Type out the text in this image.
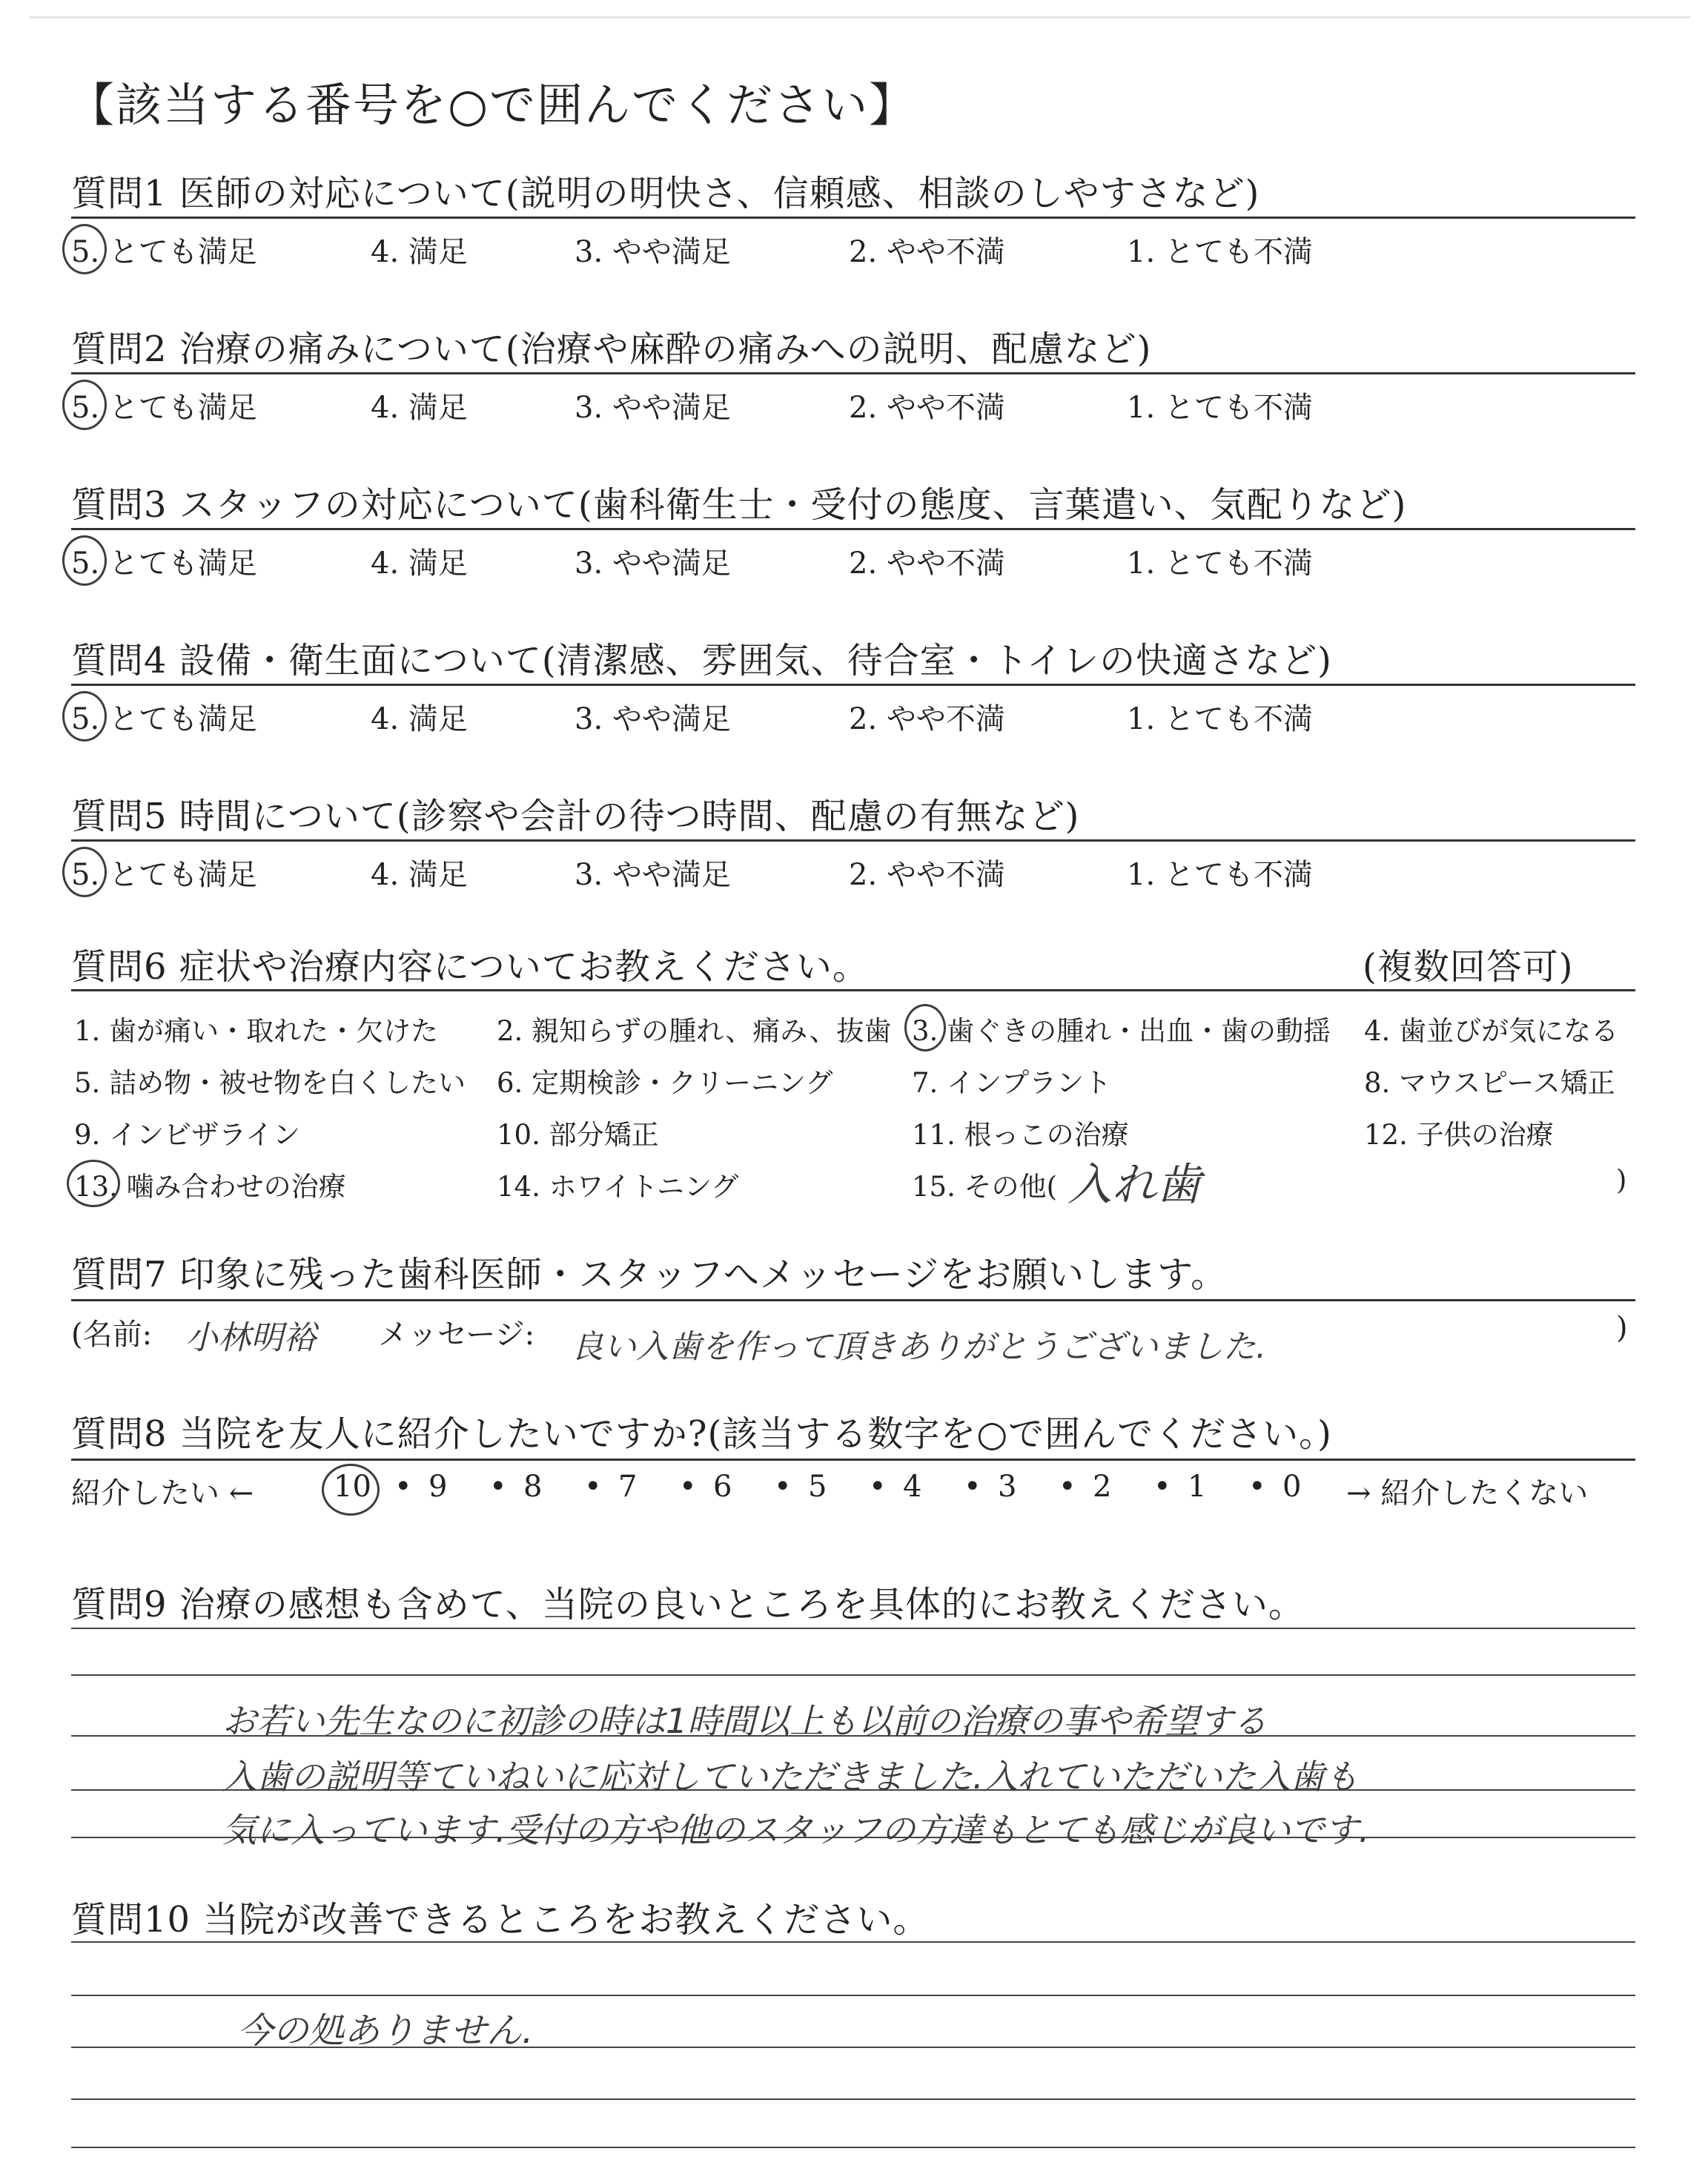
【該当する番号を○で囲んでください】
質問1 医師の対応について(説明の明快さ、信頼感、相談のしやすさなど)
5. とても満足	4. 満足	3. やや満足	2. やや不満	1. とても不満
質問2 治療の痛みについて(治療や麻酔の痛みへの説明、配慮など)
5. とても満足	4. 満足	3. やや満足	2. やや不満	1. とても不満
質問3 スタッフの対応について(歯科衛生士・受付の態度、言葉遣い、気配りなど)
5. とても満足	4. 満足	3. やや満足	2. やや不満	1. とても不満
質問4 設備・衛生面について(清潔感、雰囲気、待合室・トイレの快適さなど)
5. とても満足	4. 満足	3. やや満足	2. やや不満	1. とても不満
質問5 時間について(診察や会計の待つ時間、配慮の有無など)
5. とても満足	4. 満足	3. やや満足	2. やや不満	1. とても不満
質問6 症状や治療内容についてお教えください。	(複数回答可)
1. 歯が痛い・取れた・欠けた 2. 親知らずの腫れ、痛み、抜歯 3. 歯ぐきの腫れ・出血・歯の動揺 4. 歯並びが気になる
5. 詰め物・被せ物を白くしたい 6. 定期検診・クリーニング	7. インプラント	8. マウスピース矯正
9. インビザライン	10. 部分矯正	11. 根っこの治療	12. 子供の治療
13. 噛み合わせの治療	14. ホワイトニング	15. その他(	)
入れ歯
質問7 印象に残った歯科医師・スタッフへメッセージをお願いします。
(名前: 小林明裕 メッセージ: 良い入歯を作って頂きありがとうございました.	)
質問8 当院を友人に紹介したいですか?(該当する数字を○で囲んでください。)
紹介したい ←	10 • 9 • 8 • 7 • 6 • 5 • 4 • 3 • 2 • 1 • 0 → 紹介したくない
質問9 治療の感想も含めて、当院の良いところを具体的にお教えください。
お若い先生なのに初診の時は1時間以上も以前の治療の事や希望する
入歯の説明等ていねいに応対していただきました.入れていただいた入歯も
気に入っています.受付の方や他のスタッフの方達もとても感じが良いです.
質問10 当院が改善できるところをお教えください。
今の処ありません.
